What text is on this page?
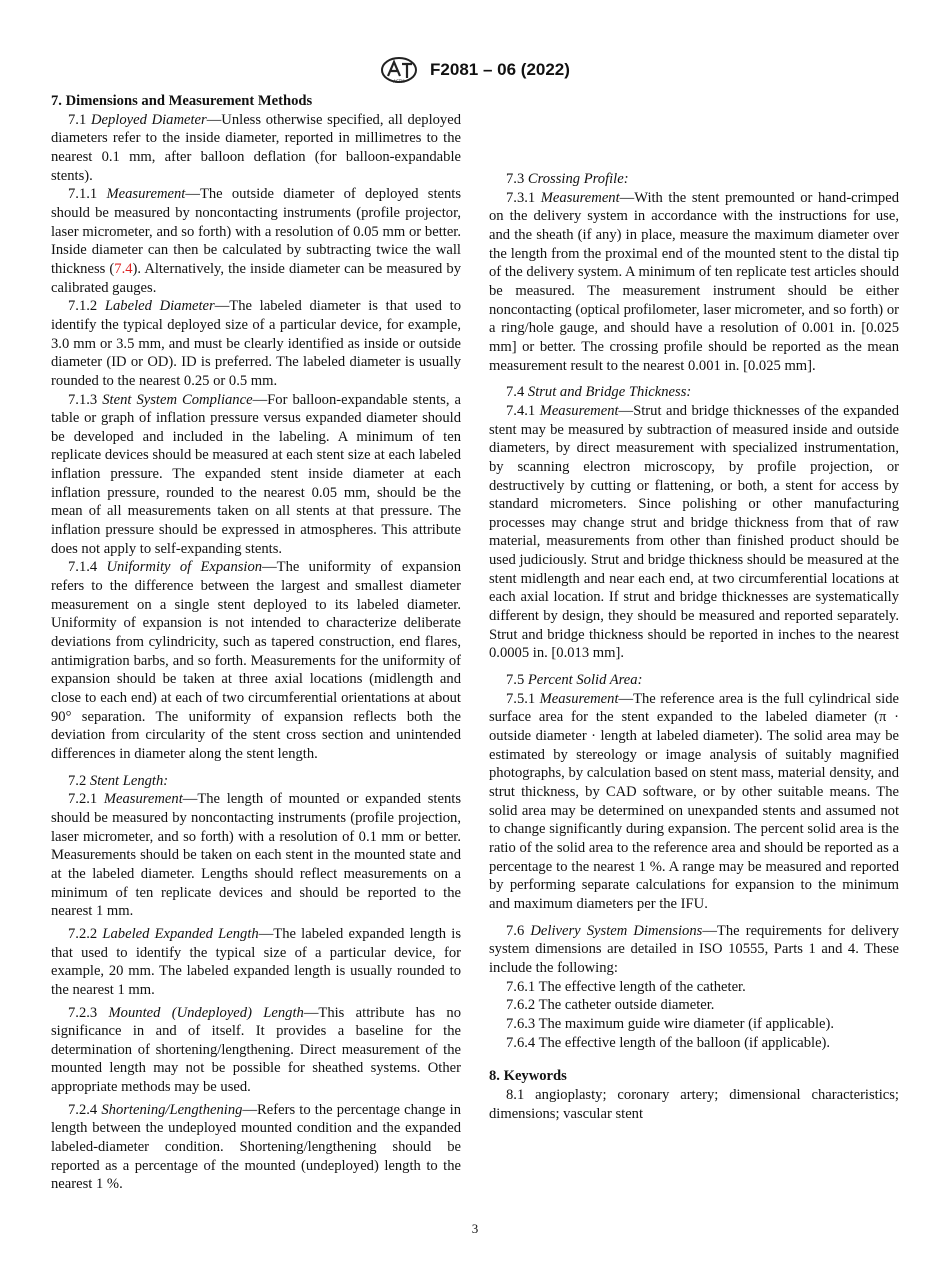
ASTM
F2081 – 06 (2022)
7. Dimensions and Measurement Methods

7.1 Deployed Diameter—Unless otherwise specified, all deployed diameters refer to the inside diameter, reported in millimetres to the nearest 0.1 mm, after balloon deflation (for balloon-expandable stents).

7.1.1 Measurement—The outside diameter of deployed stents should be measured by noncontacting instruments (profile projector, laser micrometer, and so forth) with a resolution of 0.05 mm or better. Inside diameter can then be calculated by subtracting twice the wall thickness (7.4). Alternatively, the inside diameter can be measured by calibrated gauges.

7.1.2 Labeled Diameter—The labeled diameter is that used to identify the typical deployed size of a particular device, for example, 3.0 mm or 3.5 mm, and must be clearly identified as inside or outside diameter (ID or OD). ID is preferred. The labeled diameter is usually rounded to the nearest 0.25 or 0.5 mm.

7.1.3 Stent System Compliance—For balloon-expandable stents, a table or graph of inflation pressure versus expanded diameter should be developed and included in the labeling. A minimum of ten replicate devices should be measured at each stent size at each labeled inflation pressure. The expanded stent inside diameter at each inflation pressure, rounded to the nearest 0.05 mm, should be the mean of all measurements taken on all stents at that pressure. The inflation pressure should be expressed in atmospheres. This attribute does not apply to self-expanding stents.

7.1.4 Uniformity of Expansion—The uniformity of expansion refers to the difference between the largest and smallest diameter measurement on a single stent deployed to its labeled diameter. Uniformity of expansion is not intended to characterize deliberate deviations from cylindricity, such as tapered construction, end flares, antimigration barbs, and so forth. Measurements for the uniformity of expansion should be taken at three axial locations (midlength and close to each end) at each of two circumferential orientations at about 90° separation. The uniformity of expansion reflects both the deviation from circularity of the stent cross section and unintended differences in diameter along the stent length.

7.2 Stent Length:

7.2.1 Measurement—The length of mounted or expanded stents should be measured by noncontacting instruments (profile projection, laser micrometer, and so forth) with a resolution of 0.1 mm or better. Measurements should be taken on each stent in the mounted state and at the labeled diameter. Lengths should reflect measurements on a minimum of ten replicate devices and should be reported to the nearest 1 mm.

7.2.2 Labeled Expanded Length—The labeled expanded length is that used to identify the typical size of a particular device, for example, 20 mm. The labeled expanded length is usually rounded to the nearest 1 mm.

7.2.3 Mounted (Undeployed) Length—This attribute has no significance in and of itself. It provides a baseline for the determination of shortening/lengthening. Direct measurement of the mounted length may not be possible for sheathed systems. Other appropriate methods may be used.

7.2.4 Shortening/Lengthening—Refers to the percentage change in length between the undeployed mounted condition and the expanded labeled-diameter condition. Shortening/lengthening should be reported as a percentage of the mounted (undeployed) length to the nearest 1 %.

7.3 Crossing Profile:

7.3.1 Measurement—With the stent premounted or hand-crimped on the delivery system in accordance with the instructions for use, and the sheath (if any) in place, measure the maximum diameter over the length from the proximal end of the mounted stent to the distal tip of the delivery system. A minimum of ten replicate test articles should be measured. The measurement instrument should be either noncontacting (optical profilometer, laser micrometer, and so forth) or a ring/hole gauge, and should have a resolution of 0.001 in. [0.025 mm] or better. The crossing profile should be reported as the mean measurement result to the nearest 0.001 in. [0.025 mm].

7.4 Strut and Bridge Thickness:

7.4.1 Measurement—Strut and bridge thicknesses of the expanded stent may be measured by subtraction of measured inside and outside diameters, by direct measurement with specialized instrumentation, by scanning electron microscopy, by profile projection, or destructively by cutting or flattening, or both, a stent for access by standard micrometers. Since polishing or other manufacturing processes may change strut and bridge thickness from that of raw material, measurements from other than finished product should be used judiciously. Strut and bridge thickness should be measured at the stent midlength and near each end, at two circumferential locations at each axial location. If strut and bridge thicknesses are systematically different by design, they should be measured and reported separately. Strut and bridge thickness should be reported in inches to the nearest 0.0005 in. [0.013 mm].

7.5 Percent Solid Area:

7.5.1 Measurement—The reference area is the full cylindrical side surface area for the stent expanded to the labeled diameter (π · outside diameter · length at labeled diameter). The solid area may be estimated by stereology or image analysis of suitably magnified photographs, by calculation based on stent mass, material density, and strut thickness, by CAD software, or by other suitable means. The solid area may be determined on unexpanded stents and assumed not to change significantly during expansion. The percent solid area is the ratio of the solid area to the reference area and should be reported as a percentage to the nearest 1 %. A range may be measured and reported by performing separate calculations for expansion to the minimum and maximum diameters per the IFU.

7.6 Delivery System Dimensions—The requirements for delivery system dimensions are detailed in ISO 10555, Parts 1 and 4. These include the following:

7.6.1 The effective length of the catheter.

7.6.2 The catheter outside diameter.

7.6.3 The maximum guide wire diameter (if applicable).

7.6.4 The effective length of the balloon (if applicable).

8. Keywords

8.1 angioplasty; coronary artery; dimensional characteristics; dimensions; vascular stent

3
